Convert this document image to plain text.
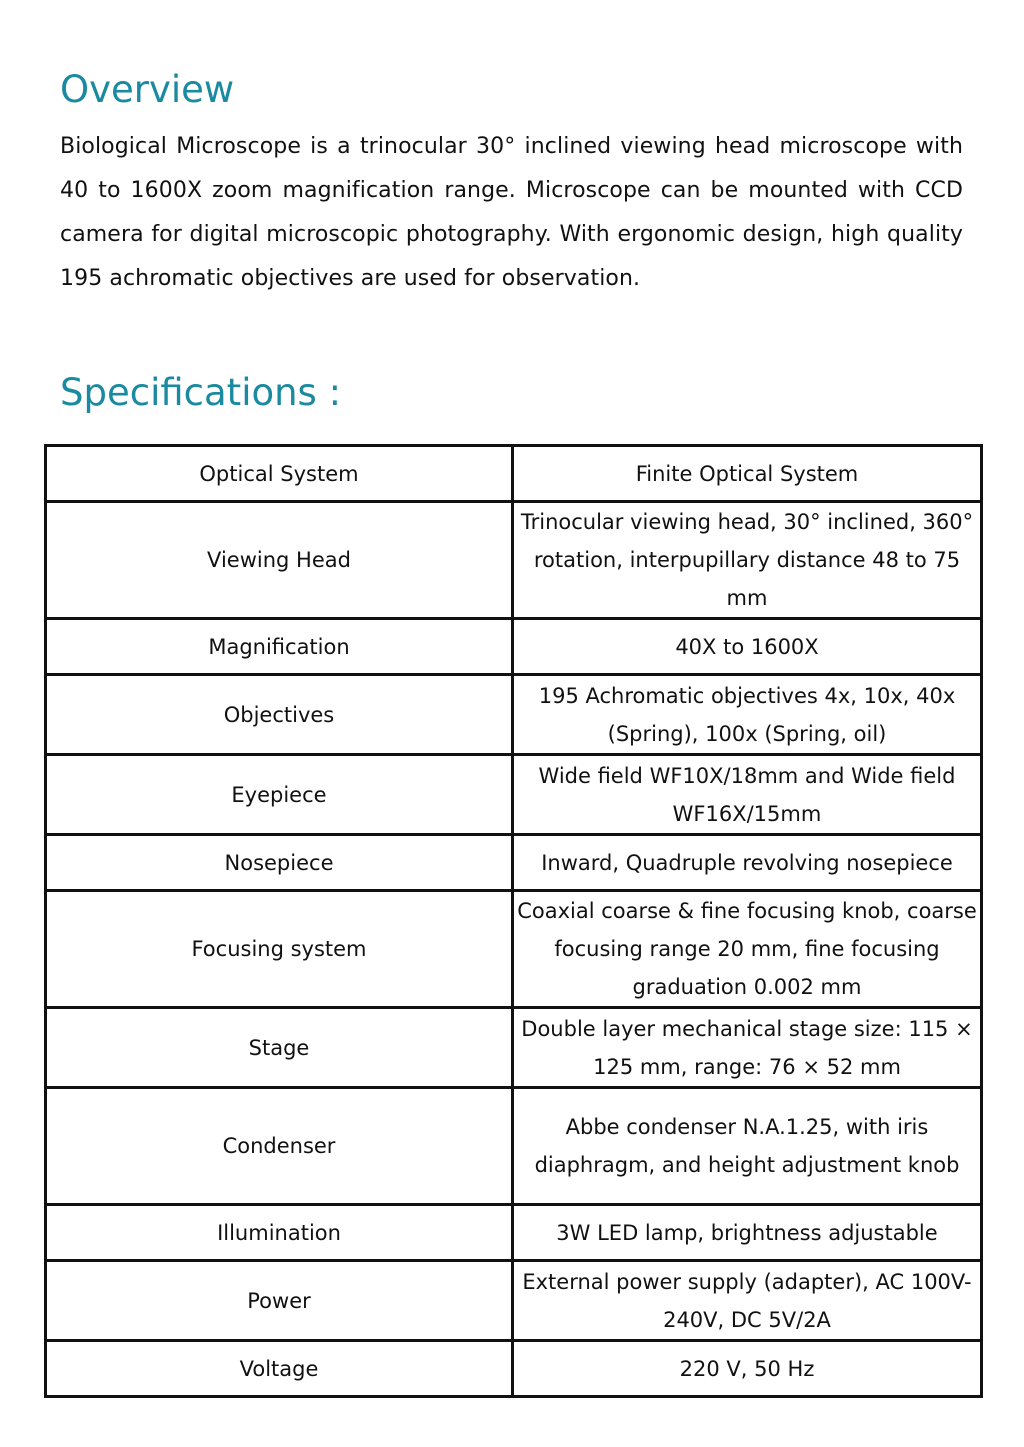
Overview

Biological Microscope is a trinocular 30° inclined viewing head microscope with 40 to 1600X zoom magnification range. Microscope can be mounted with CCD camera for digital microscopic photography. With ergonomic design, high quality 195 achromatic objectives are used for observation.

Specifications :
Optical System	Finite Optical System
Viewing Head	Trinocular viewing head, 30° inclined, 360° rotation, interpupillary distance 48 to 75 mm
Magnification	40X to 1600X
Objectives	195 Achromatic objectives 4x, 10x, 40x (Spring), 100x (Spring, oil)
Eyepiece	Wide field WF10X/18mm and Wide field WF16X/15mm
Nosepiece	Inward, Quadruple revolving nosepiece
Focusing system	Coaxial coarse & fine focusing knob, coarse focusing range 20 mm, fine focusing graduation 0.002 mm
Stage	Double layer mechanical stage size: 115 × 125 mm, range: 76 × 52 mm
Condenser	Abbe condenser N.A.1.25, with iris diaphragm, and height adjustment knob
Illumination	3W LED lamp, brightness adjustable
Power	External power supply (adapter), AC 100V-240V, DC 5V/2A
Voltage	220 V, 50 Hz
